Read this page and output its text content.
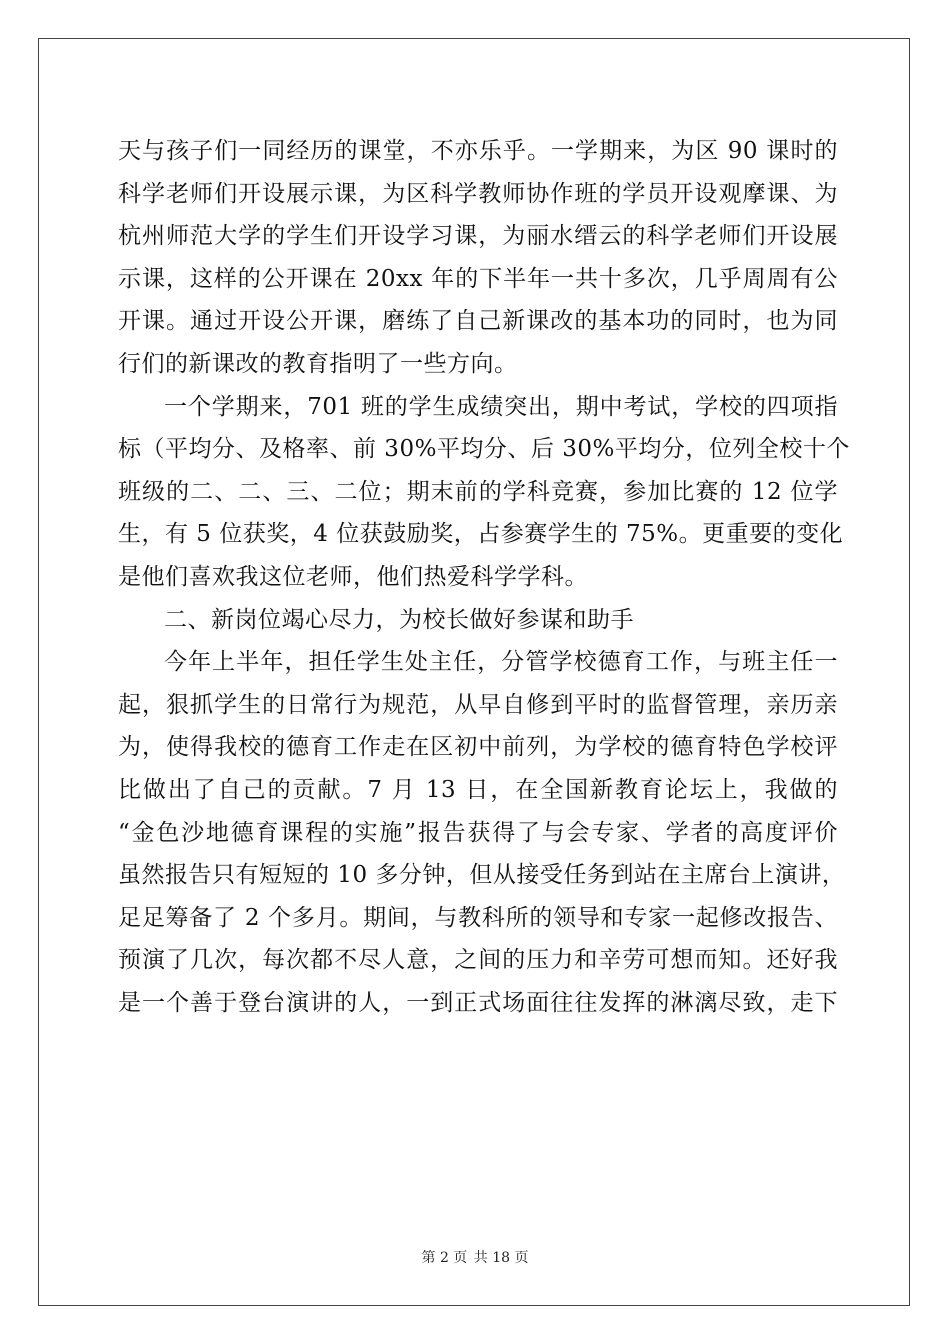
天与孩子们一同经历的课堂，不亦乐乎。一学期来，为区 90 课时的
科学老师们开设展示课，为区科学教师协作班的学员开设观摩课、为
杭州师范大学的学生们开设学习课，为丽水缙云的科学老师们开设展
示课，这样的公开课在 20xx 年的下半年一共十多次，几乎周周有公
开课。通过开设公开课，磨练了自己新课改的基本功的同时，也为同
行们的新课改的教育指明了一些方向。
一个学期来，701 班的学生成绩突出，期中考试，学校的四项指
标（平均分、及格率、前 30%平均分、后 30%平均分，位列全校十个
班级的二、二、三、二位；期末前的学科竞赛，参加比赛的 12 位学
生，有 5 位获奖，4 位获鼓励奖，占参赛学生的 75%。更重要的变化
是他们喜欢我这位老师，他们热爱科学学科。
二、新岗位竭心尽力，为校长做好参谋和助手
今年上半年，担任学生处主任，分管学校德育工作，与班主任一
起，狠抓学生的日常行为规范，从早自修到平时的监督管理，亲历亲
为，使得我校的德育工作走在区初中前列，为学校的德育特色学校评
比做出了自己的贡献。7 月 13 日，在全国新教育论坛上，我做的
“金色沙地德育课程的实施”报告获得了与会专家、学者的高度评价
虽然报告只有短短的 10 多分钟，但从接受任务到站在主席台上演讲，
足足筹备了 2 个多月。期间，与教科所的领导和专家一起修改报告、
预演了几次，每次都不尽人意，之间的压力和辛劳可想而知。还好我
是一个善于登台演讲的人，一到正式场面往往发挥的淋漓尽致，走下
第 2 页 共 18 页
